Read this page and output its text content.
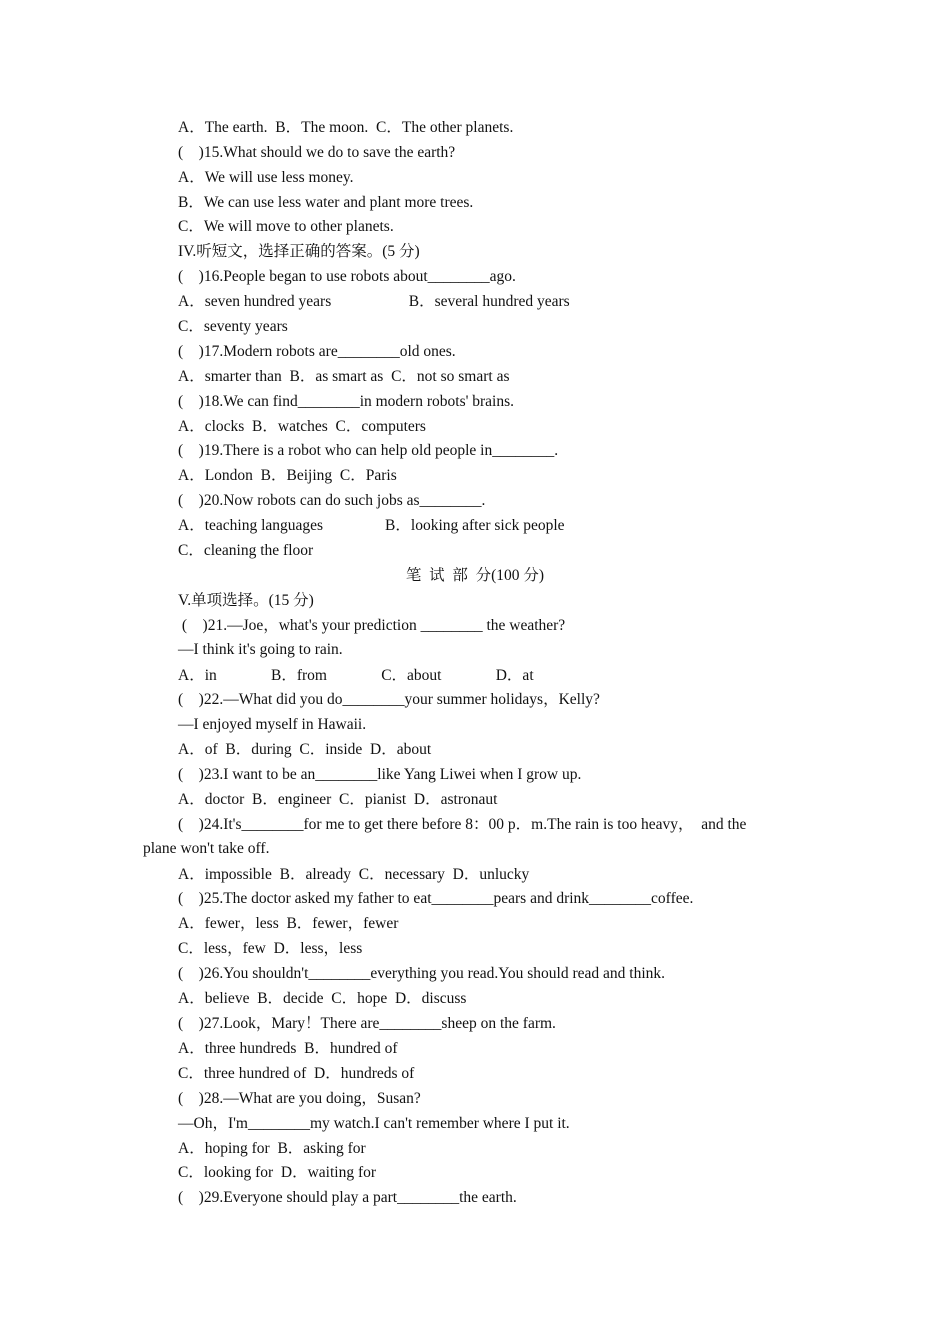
A．The earth.  B．The moon.  C．The other planets.
(    )15.What should we do to save the earth?
A．We will use less money.
B．We can use less water and plant more trees.
C．We will move to other planets.
IV.听短文，选择正确的答案。(5 分)
(    )16.People began to use robots about________ago.
A．seven hundred years                    B．several hundred years
C．seventy years
(    )17.Modern robots are________old ones.
A．smarter than  B．as smart as  C．not so smart as
(    )18.We can find________in modern robots' brains.
A．clocks  B．watches  C．computers
(    )19.There is a robot who can help old people in________.
A．London  B．Beijing  C．Paris
(    )20.Now robots can do such jobs as________.
A．teaching languages                B．looking after sick people
C．cleaning the floor
笔  试  部  分(100 分)
V.单项选择。(15 分)
(    )21.—Joe，what's your prediction ________ the weather?
—I think it's going to rain.
A．in              B．from              C．about              D．at
(    )22.—What did you do________your summer holidays，Kelly?
—I enjoyed myself in Hawaii.
A．of  B．during  C．inside  D．about
(    )23.I want to be an________like Yang Liwei when I grow up.
A．doctor  B．engineer  C．pianist  D．astronaut
(    )24.It's________for me to get there before 8：00 p．m.The rain is too heavy，  and the
plane won't take off.
A．impossible  B．already  C．necessary  D．unlucky
(    )25.The doctor asked my father to eat________pears and drink________coffee.
A．fewer，less  B．fewer，fewer
C．less，few  D．less，less
(    )26.You shouldn't________everything you read.You should read and think.
A．believe  B．decide  C．hope  D．discuss
(    )27.Look，Mary！There are________sheep on the farm.
A．three hundreds  B．hundred of
C．three hundred of  D．hundreds of
(    )28.—What are you doing，Susan?
—Oh，I'm________my watch.I can't remember where I put it.
A．hoping for  B．asking for
C．looking for  D．waiting for
(    )29.Everyone should play a part________the earth.
